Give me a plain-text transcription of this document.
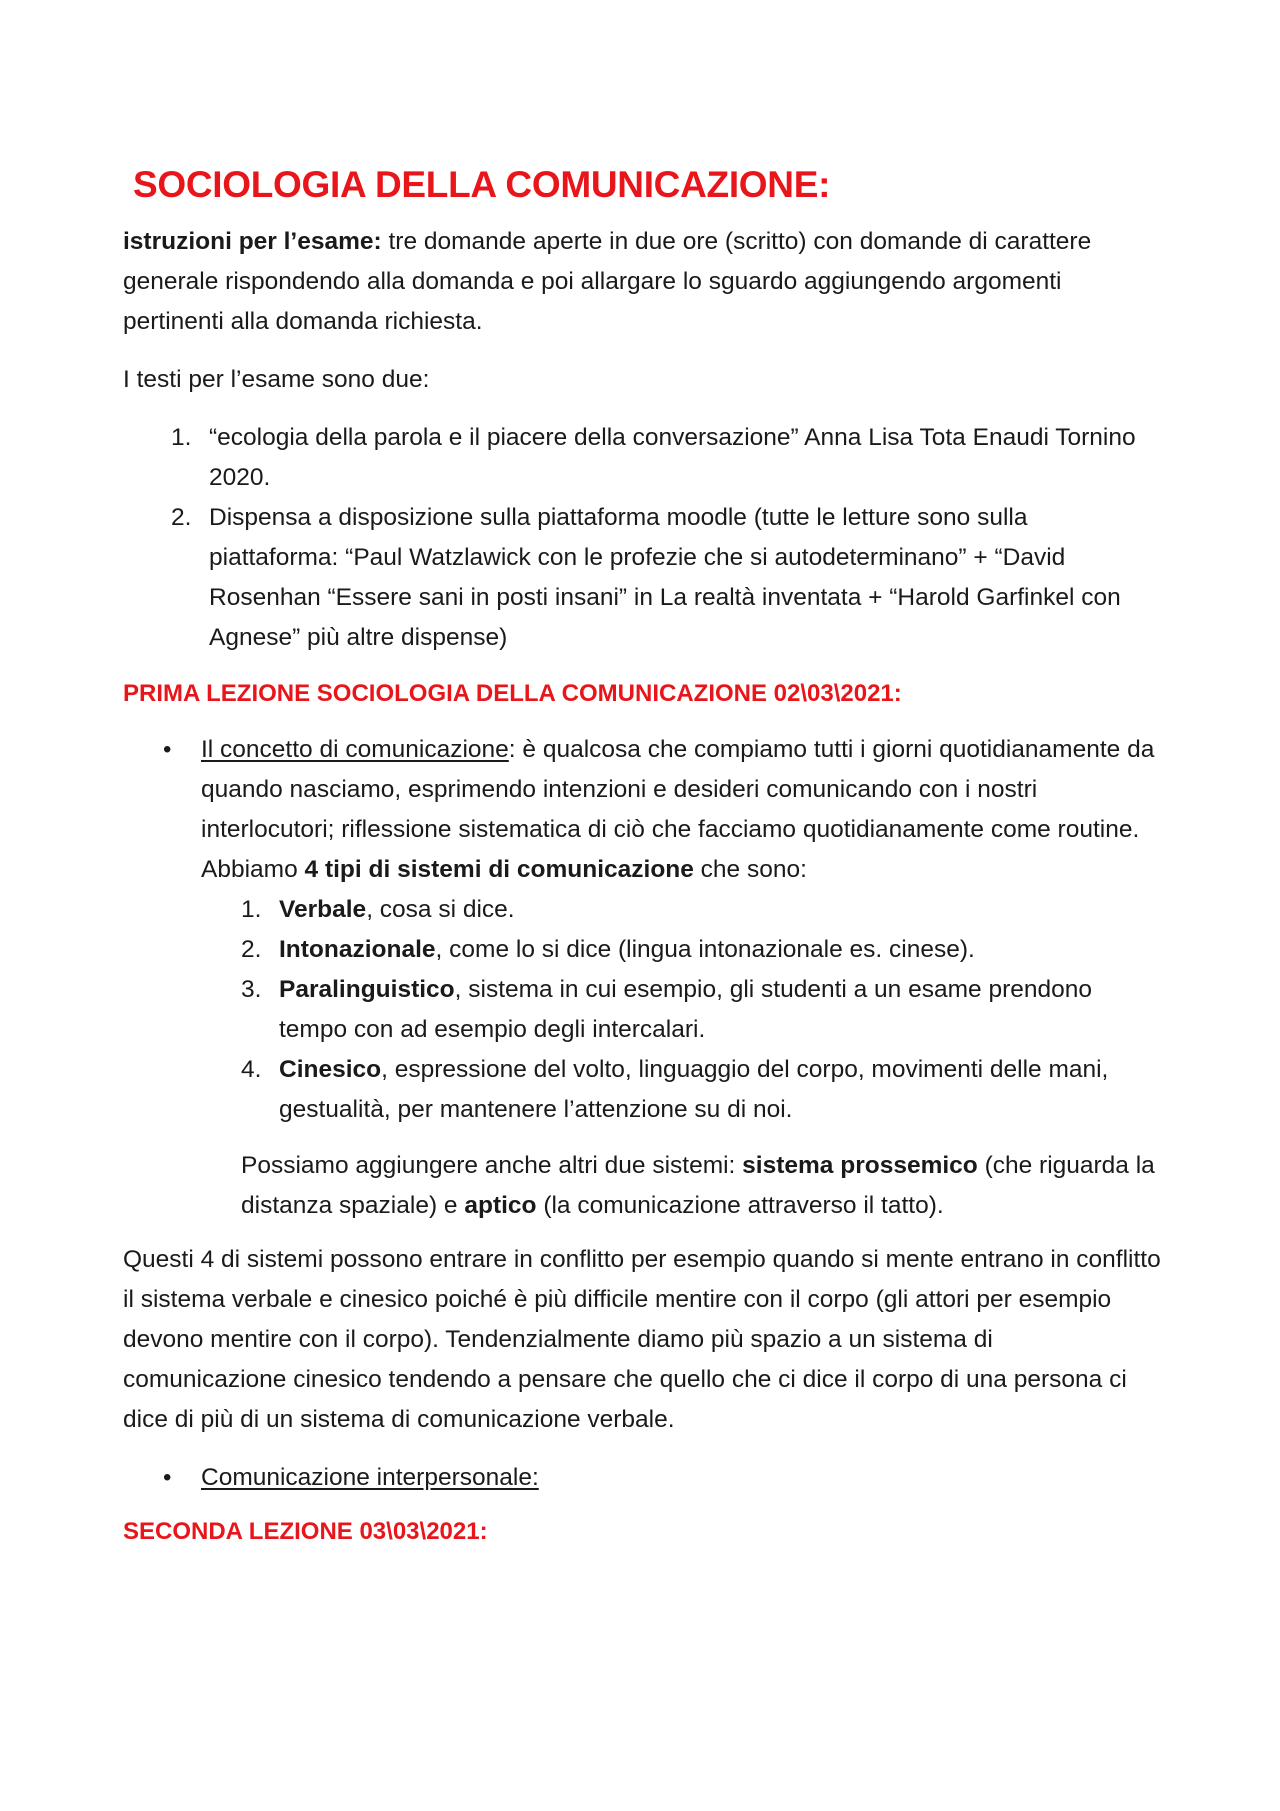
SOCIOLOGIA DELLA COMUNICAZIONE:

istruzioni per l’esame: tre domande aperte in due ore (scritto) con domande di carattere generale rispondendo alla domanda e poi allargare lo sguardo aggiungendo argomenti pertinenti alla domanda richiesta.

I testi per l’esame sono due:

1. “ecologia della parola e il piacere della conversazione” Anna Lisa Tota Enaudi Tornino 2020.
2. Dispensa a disposizione sulla piattaforma moodle (tutte le letture sono sulla piattaforma: “Paul Watzlawick con le profezie che si autodeterminano” + “David Rosenhan “Essere sani in posti insani” in La realtà inventata + “Harold Garfinkel con Agnese” più altre dispense)
PRIMA LEZIONE SOCIOLOGIA DELLA COMUNICAZIONE 02\03\2021:
• Il concetto di comunicazione: è qualcosa che compiamo tutti i giorni quotidianamente da quando nasciamo, esprimendo intenzioni e desideri comunicando con i nostri interlocutori; riflessione sistematica di ciò che facciamo quotidianamente come routine.
Abbiamo 4 tipi di sistemi di comunicazione che sono:
1. Verbale, cosa si dice.
2. Intonazionale, come lo si dice (lingua intonazionale es. cinese).
3. Paralinguistico, sistema in cui esempio, gli studenti a un esame prendono tempo con ad esempio degli intercalari.
4. Cinesico, espressione del volto, linguaggio del corpo, movimenti delle mani, gestualità, per mantenere l’attenzione su di noi.

Possiamo aggiungere anche altri due sistemi: sistema prossemico (che riguarda la distanza spaziale) e aptico (la comunicazione attraverso il tatto).

Questi 4 di sistemi possono entrare in conflitto per esempio quando si mente entrano in conflitto il sistema verbale e cinesico poiché è più difficile mentire con il corpo (gli attori per esempio devono mentire con il corpo). Tendenzialmente diamo più spazio a un sistema di comunicazione cinesico tendendo a pensare che quello che ci dice il corpo di una persona ci dice di più di un sistema di comunicazione verbale.

• Comunicazione interpersonale:
SECONDA LEZIONE 03\03\2021:
